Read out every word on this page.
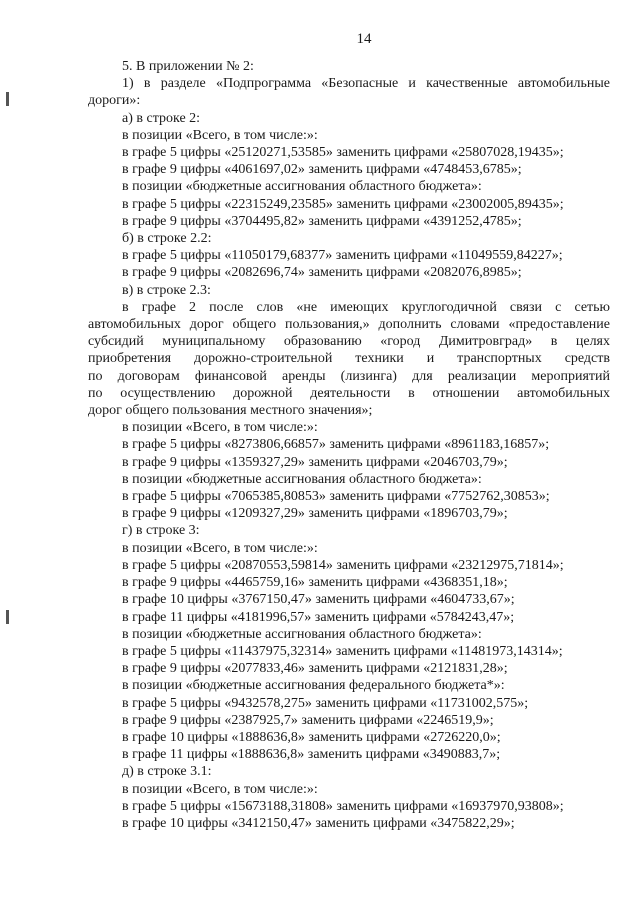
14
5. В приложении № 2:
1) в разделе «Подпрограмма «Безопасные и качественные автомобильные
дороги»:
а) в строке 2:
в позиции «Всего, в том числе:»:
в графе 5 цифры «25120271,53585» заменить цифрами «25807028,19435»;
в графе 9 цифры «4061697,02» заменить цифрами «4748453,6785»;
в позиции «бюджетные ассигнования областного бюджета»:
в графе 5 цифры «22315249,23585» заменить цифрами «23002005,89435»;
в графе 9 цифры «3704495,82» заменить цифрами «4391252,4785»;
б) в строке 2.2:
в графе 5 цифры «11050179,68377» заменить цифрами «11049559,84227»;
в графе 9 цифры «2082696,74» заменить цифрами «2082076,8985»;
в) в строке 2.3:
в графе 2 после слов «не имеющих круглогодичной связи с сетью
автомобильных дорог общего пользования,» дополнить словами «предоставление
субсидий муниципальному образованию «город Димитровград» в целях
приобретения дорожно-строительной техники и транспортных средств
по договорам финансовой аренды (лизинга) для реализации мероприятий
по осуществлению дорожной деятельности в отношении автомобильных
дорог общего пользования местного значения»;
в позиции «Всего, в том числе:»:
в графе 5 цифры «8273806,66857» заменить цифрами «8961183,16857»;
в графе 9 цифры «1359327,29» заменить цифрами «2046703,79»;
в позиции «бюджетные ассигнования областного бюджета»:
в графе 5 цифры «7065385,80853» заменить цифрами «7752762,30853»;
в графе 9 цифры «1209327,29» заменить цифрами «1896703,79»;
г) в строке 3:
в позиции «Всего, в том числе:»:
в графе 5 цифры «20870553,59814» заменить цифрами «23212975,71814»;
в графе 9 цифры «4465759,16» заменить цифрами «4368351,18»;
в графе 10 цифры «3767150,47» заменить цифрами «4604733,67»;
в графе 11 цифры «4181996,57» заменить цифрами «5784243,47»;
в позиции «бюджетные ассигнования областного бюджета»:
в графе 5 цифры «11437975,32314» заменить цифрами «11481973,14314»;
в графе 9 цифры «2077833,46» заменить цифрами «2121831,28»;
в позиции «бюджетные ассигнования федерального бюджета*»:
в графе 5 цифры «9432578,275» заменить цифрами «11731002,575»;
в графе 9 цифры «2387925,7» заменить цифрами «2246519,9»;
в графе 10 цифры «1888636,8» заменить цифрами «2726220,0»;
в графе 11 цифры «1888636,8» заменить цифрами «3490883,7»;
д) в строке 3.1:
в позиции «Всего, в том числе:»:
в графе 5 цифры «15673188,31808» заменить цифрами «16937970,93808»;
в графе 10 цифры «3412150,47» заменить цифрами «3475822,29»;
